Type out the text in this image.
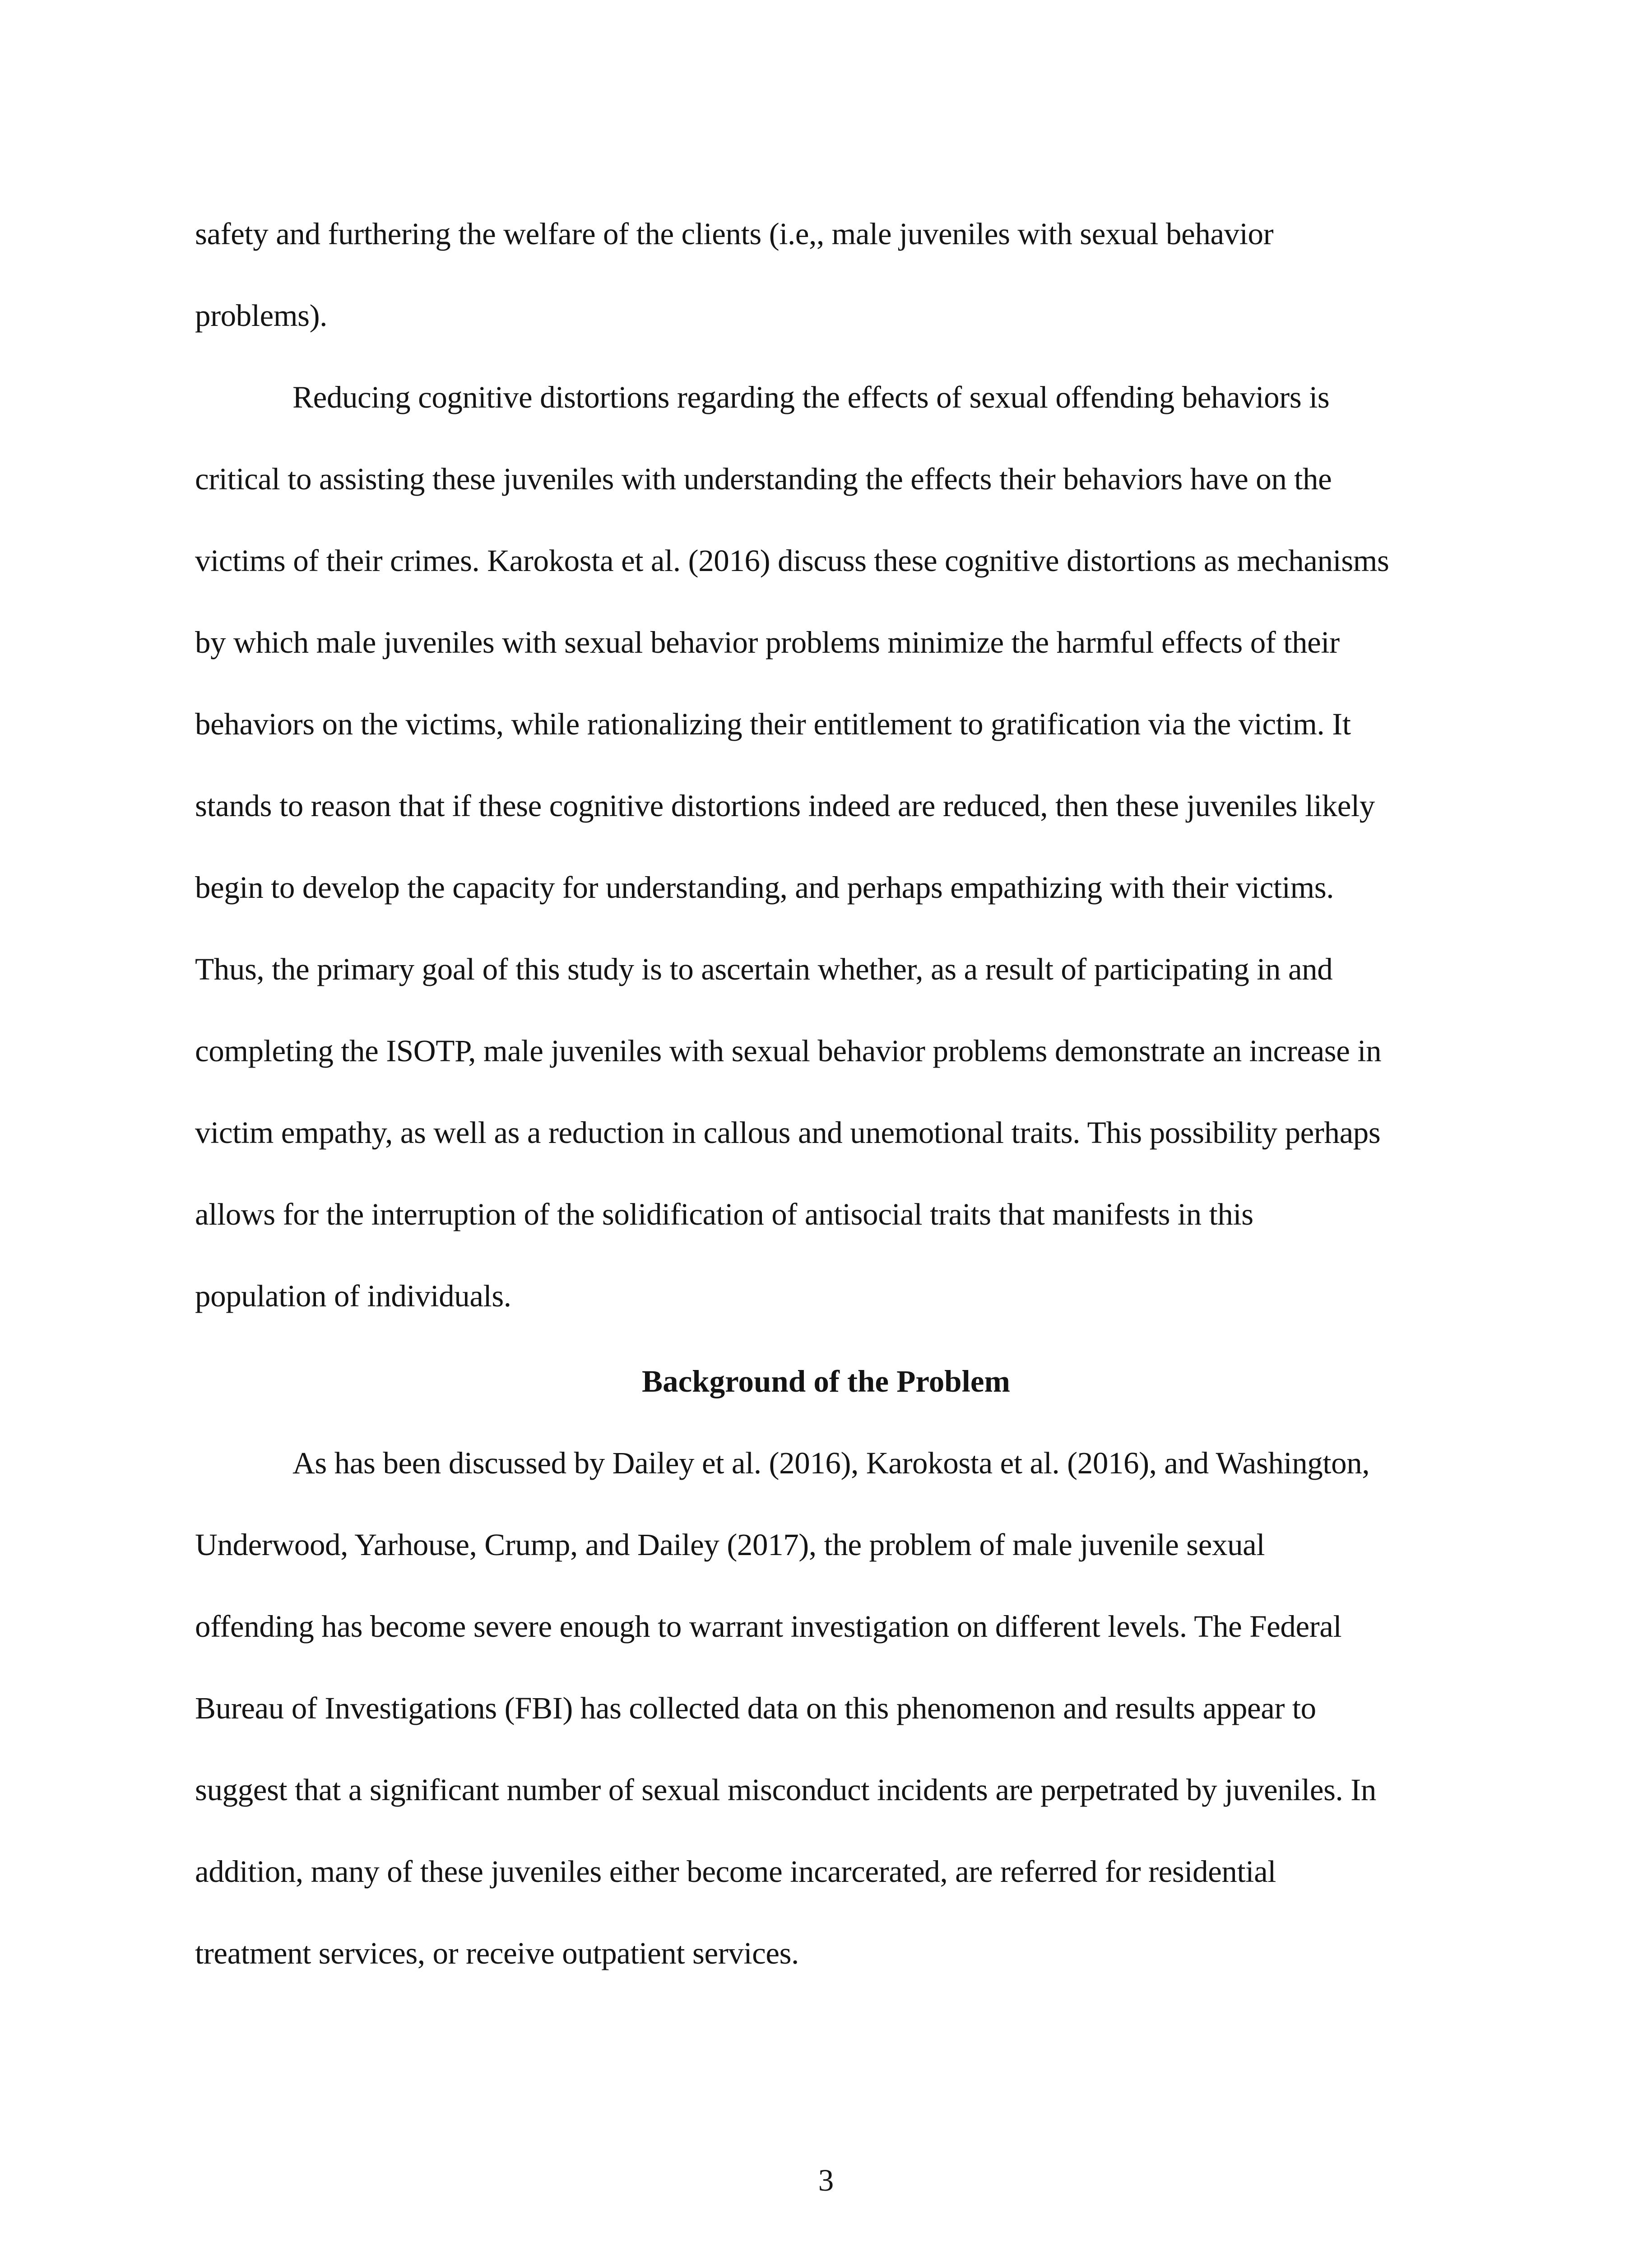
safety and furthering the welfare of the clients (i.e,, male juveniles with sexual behavior
problems).

Reducing cognitive distortions regarding the effects of sexual offending behaviors is
critical to assisting these juveniles with understanding the effects their behaviors have on the
victims of their crimes. Karokosta et al. (2016) discuss these cognitive distortions as mechanisms
by which male juveniles with sexual behavior problems minimize the harmful effects of their
behaviors on the victims, while rationalizing their entitlement to gratification via the victim. It
stands to reason that if these cognitive distortions indeed are reduced, then these juveniles likely
begin to develop the capacity for understanding, and perhaps empathizing with their victims.
Thus, the primary goal of this study is to ascertain whether, as a result of participating in and
completing the ISOTP, male juveniles with sexual behavior problems demonstrate an increase in
victim empathy, as well as a reduction in callous and unemotional traits. This possibility perhaps
allows for the interruption of the solidification of antisocial traits that manifests in this
population of individuals.

Background of the Problem

As has been discussed by Dailey et al. (2016), Karokosta et al. (2016), and Washington,
Underwood, Yarhouse, Crump, and Dailey (2017), the problem of male juvenile sexual
offending has become severe enough to warrant investigation on different levels. The Federal
Bureau of Investigations (FBI) has collected data on this phenomenon and results appear to
suggest that a significant number of sexual misconduct incidents are perpetrated by juveniles. In
addition, many of these juveniles either become incarcerated, are referred for residential
treatment services, or receive outpatient services.

3
